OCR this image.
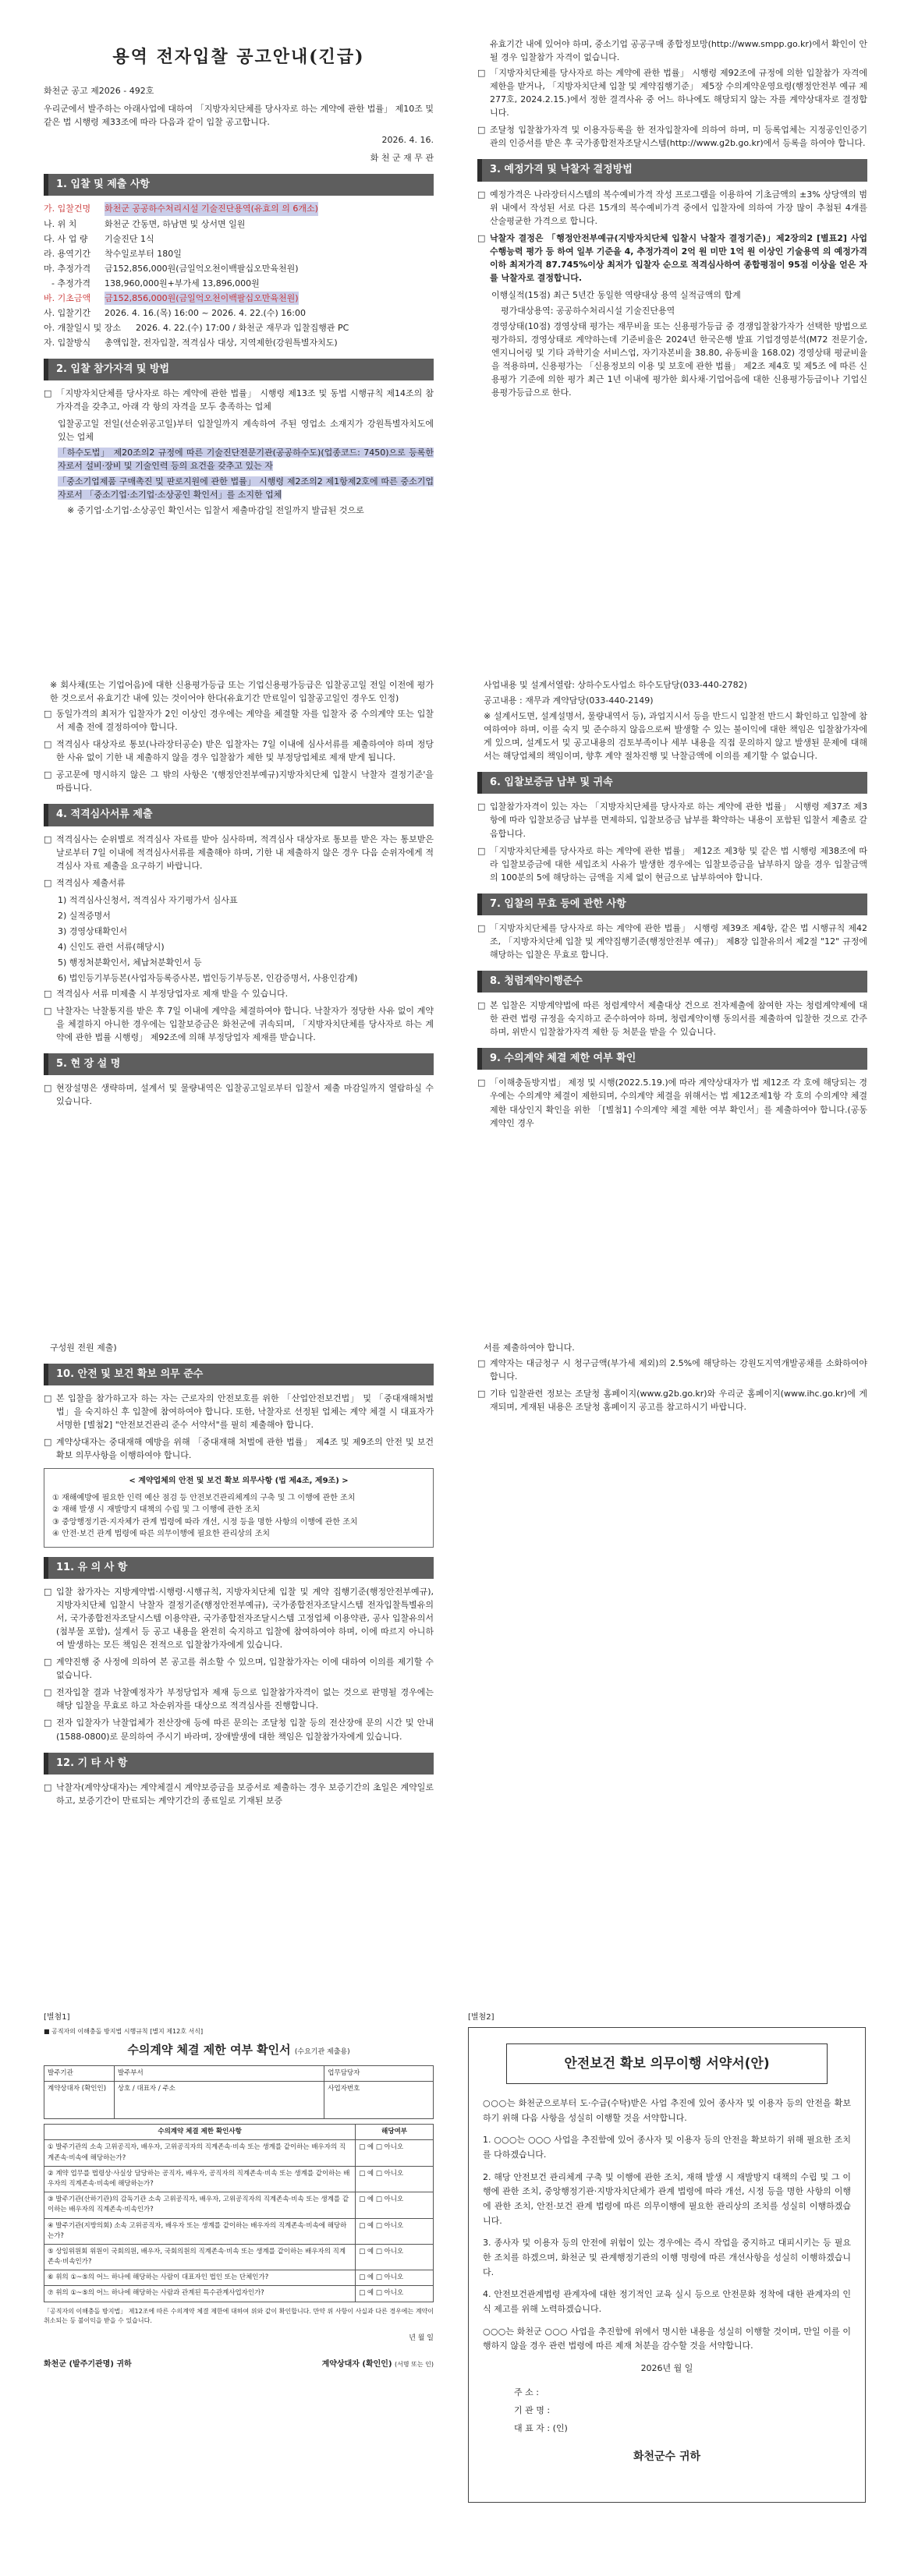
용역 전자입찰 공고안내(긴급)
화천군 공고 제2026 - 492호
우리군에서 발주하는 아래사업에 대하여 「지방자치단체를 당사자로 하는 계약에 관한 법률」 제10조 및 같은 법 시행령 제33조에 따라 다음과 같이 입찰 공고합니다.
2026. 4. 16.
화 천 군 재 무 관
1. 입찰 및 제출 사항
가. 입찰건명	화천군 공공하수처리시설 기술진단용역(유효의 의 6개소)
나. 위 치	화천군 간동면, 하남면 및 상서면 일원
다. 사 업 량	기술진단 1식
라. 용역기간	착수일로부터 180일
마. 추정가격	금152,856,000원(금일억오천이백팔십오만육천원)
- 추정가격	138,960,000원+부가세 13,896,000원
바. 기초금액	금152,856,000원(금일억오천이백팔십오만육천원)
사. 입찰기간	2026. 4. 16.(목) 16:00 ~ 2026. 4. 22.(수) 16:00
아. 개찰일시 및 장소	2026. 4. 22.(수) 17:00 / 화천군 재무과 입찰집행관 PC
자. 입찰방식	총액입찰, 전자입찰, 적격심사 대상, 지역제한(강원특별자치도)
2. 입찰 참가자격 및 방법
□ 「지방자치단체를 당사자로 하는 계약에 관한 법률」 시행령 제13조 및 동법 시행규칙 제14조의 참가자격을 갖추고, 아래 각 항의 자격을 모두 충족하는 업체
입찰공고일 전일(선순위공고일)부터 입찰일까지 계속하여 주된 영업소 소재지가 강원특별자치도에 있는 업체
「하수도법」 제20조의2 규정에 따른 기술진단전문기관(공공하수도)(업종코드: 7450)으로 등록한 자로서 설비·장비 및 기술인력 등의 요건을 갖추고 있는 자
「중소기업제품 구매촉진 및 판로지원에 관한 법률」 시행령 제2조의2 제1항제2호에 따른 중소기업자로서 「중소기업·소기업·소상공인 확인서」를 소지한 업체
※ 중기업·소기업·소상공인 확인서는 입찰서 제출마감일 전일까지 발급된 것으로
유효기간 내에 있어야 하며, 중소기업 공공구매 종합정보망(http://www.smpp.go.kr)에서 확인이 안 될 경우 입찰참가 자격이 없습니다.
□ 「지방자치단체를 당사자로 하는 계약에 관한 법률」 시행령 제92조에 규정에 의한 입찰참가 자격에 제한을 받거나, 「지방자치단체 입찰 및 계약집행기준」 제5장 수의계약운영요령(행정안전부 예규 제277호, 2024.2.15.)에서 정한 결격사유 중 어느 하나에도 해당되지 않는 자를 계약상대자로 결정합니다.
□ 조달청 입찰참가자격 및 이용자등록을 한 전자입찰자에 의하여 하며, 미 등록업체는 지정공인인증기관의 인증서를 받은 후 국가종합전자조달시스템(http://www.g2b.go.kr)에서 등록을 하여야 합니다.
3. 예정가격 및 낙찰자 결정방법
□ 예정가격은 나라장터시스템의 복수예비가격 작성 프로그램을 이용하여 기초금액의 ±3% 상당액의 범위 내에서 작성된 서로 다른 15개의 복수예비가격 중에서 입찰자에 의하여 가장 많이 추첨된 4개를 산술평균한 가격으로 합니다.
□ 낙찰자 결정은 「행정안전부예규(지방자치단체 입찰시 낙찰자 결정기준)」제2장의2 [별표2] 사업수행능력 평가 등 하여 일부 기준을 4, 추정가격이 2억 원 미만 1억 원 이상인 기술용역 의 예정가격이하 최저가격 87.745%이상 최저가 입찰자 순으로 적격심사하여 종합평점이 95점 이상을 얻은 자를 낙찰자로 결정합니다.
이행실적(15점) 최근 5년간 동일한 역량대상 용역 실적금액의 합계
평가대상용역: 공공하수처리시설 기술진단용역
경영상태(10점) 경영상태 평가는 재무비율 또는 신용평가등급 중 경쟁입찰참가자가 선택한 방법으로 평가하되, 경영상태로 계약하는데 기준비율은 2024년 한국은행 발표 기업경영분석(M72 전문기술, 엔지니어링 및 기타 과학기술 서비스업, 자기자본비율 38.80, 유동비율 168.02) 경영상태 평균비율을 적용하며, 신용평가는 「신용정보의 이용 및 보호에 관한 법률」 제2조 제4호 및 제5조 에 따른 신용평가 기준에 의한 평가 최근 1년 이내에 평가한 회사채·기업어음에 대한 신용평가등급이나 기업신용평가등급으로 한다.
※ 회사채(또는 기업어음)에 대한 신용평가등급 또는 기업신용평가등급은 입찰공고일 전일 이전에 평가한 것으로서 유효기간 내에 있는 것이어야 한다(유효기간 만료일이 입찰공고일인 경우도 인정)
□ 동일가격의 최저가 입찰자가 2인 이상인 경우에는 계약을 체결할 자를 입찰자 중 수의계약 또는 입찰서 제출 전에 결정하여야 합니다.
□ 적격심사 대상자로 통보(나라장터공순) 받은 입찰자는 7일 이내에 심사서류를 제출하여야 하며 정당한 사유 없이 기한 내 제출하지 않을 경우 입찰참가 제한 및 부정당업체로 제재 받게 됩니다.
□ 공고문에 명시하지 않은 그 밖의 사항은 '(행정안전부예규)지방자치단체 입찰시 낙찰자 결정기준'을 따릅니다.
4. 적격심사서류 제출
□ 적격심사는 순위별로 적격심사 자료를 받아 심사하며, 적격심사 대상자로 통보를 받은 자는 통보받은 날로부터 7일 이내에 적격심사서류를 제출해야 하며, 기한 내 제출하지 않은 경우 다음 순위자에게 적격심사 자료 제출을 요구하기 바랍니다.
□ 적격심사 제출서류
1) 적격심사신청서, 적격심사 자기평가서 심사표
2) 실적증명서
3) 경영상태확인서
4) 신인도 관련 서류(해당시)
5) 행정처분확인서, 체납처분확인서 등
6) 법인등기부등본(사업자등록증사본, 법인등기부등본, 인감증명서, 사용인감계)
□ 적격심사 서류 미제출 시 부정당업자로 제재 받을 수 있습니다.
□ 낙찰자는 낙찰통지를 받은 후 7일 이내에 계약을 체결하여야 합니다. 낙찰자가 정당한 사유 없이 계약을 체결하지 아니한 경우에는 입찰보증금은 화천군에 귀속되며, 「지방자치단체를 당사자로 하는 계약에 관한 법률 시행령」 제92조에 의해 부정당업자 제재를 받습니다.
5. 현 장 설 명
□ 현장설명은 생략하며, 설계서 및 물량내역은 입찰공고일로부터 입찰서 제출 마감일까지 열람하실 수 있습니다.
사업내용 및 설계서열람: 상하수도사업소 하수도담당(033-440-2782)
공고내용 : 재무과 계약담당(033-440-2149)
※ 설계서도면, 설계설명서, 물량내역서 등), 과업지시서 등을 반드시 입찰전 반드시 확인하고 입찰에 참여하여야 하며, 이를 숙지 및 준수하지 않음으로써 발생할 수 있는 불이익에 대한 책임은 입찰참가자에게 있으며, 설계도서 및 공고내용의 검토부족이나 세부 내용을 직접 문의하지 않고 발생된 문제에 대해서는 해당업체의 책임이며, 향후 계약 절차진행 및 낙찰금액에 이의를 제기할 수 없습니다.
6. 입찰보증금 납부 및 귀속
□ 입찰참가자격이 있는 자는 「지방자치단체를 당사자로 하는 계약에 관한 법률」 시행령 제37조 제3항에 따라 입찰보증금 납부를 면제하되, 입찰보증금 납부를 확약하는 내용이 포함된 입찰서 제출로 갈음합니다.
□ 「지방자치단체를 당사자로 하는 계약에 관한 법률」 제12조 제3항 및 같은 법 시행령 제38조에 따라 입찰보증금에 대한 세입조치 사유가 발생한 경우에는 입찰보증금을 납부하지 않을 경우 입찰금액의 100분의 5에 해당하는 금액을 지체 없이 현금으로 납부하여야 합니다.
7. 입찰의 무효 등에 관한 사항
□ 「지방자치단체를 당사자로 하는 계약에 관한 법률」 시행령 제39조 제4항, 같은 법 시행규칙 제42조, 「지방자치단체 입찰 및 계약집행기준(행정안전부 예규)」 제8장 입찰유의서 제2절 "12" 규정에 해당하는 입찰은 무효로 합니다.
8. 청렴계약이행준수
□ 본 입찰은 지방계약법에 따른 청렴계약서 제출대상 건으로 전자제출에 참여한 자는 청렴계약제에 대한 관련 법령 규정을 숙지하고 준수하여야 하며, 청렴계약이행 동의서를 제출하여 입찰한 것으로 간주하며, 위반시 입찰참가자격 제한 등 처분을 받을 수 있습니다.
9. 수의계약 체결 제한 여부 확인
□ 「이해충돌방지법」 제정 및 시행(2022.5.19.)에 따라 계약상대자가 법 제12조 각 호에 해당되는 경우에는 수의계약 체결이 제한되며, 수의계약 체결을 위해서는 법 제12조제1항 각 호의 수의계약 체결 제한 대상인지 확인을 위한 「[별첨1] 수의계약 체결 제한 여부 확인서」를 제출하여야 합니다.(공동계약인 경우
구성원 전원 제출)
10. 안전 및 보건 확보 의무 준수
□ 본 입찰을 참가하고자 하는 자는 근로자의 안전보호를 위한 「산업안전보건법」 및 「중대재해처벌법」을 숙지하신 후 입찰에 참여하여야 합니다. 또한, 낙찰자로 선정된 업체는 계약 체결 시 대표자가 서명한 [별첨2] "안전보건관리 준수 서약서"를 필히 제출해야 합니다.
□ 계약상대자는 중대재해 예방을 위해 「중대재해 처벌에 관한 법률」 제4조 및 제9조의 안전 및 보건 확보 의무사항을 이행하여야 합니다.
< 계약업체의 안전 및 보건 확보 의무사항 (법 제4조, 제9조) >
① 재해예방에 필요한 인력 예산 점검 등 안전보건관리체계의 구축 및 그 이행에 관한 조치
② 재해 발생 시 재발방지 대책의 수립 및 그 이행에 관한 조치
③ 중앙행정기관·지자체가 관계 법령에 따라 개선, 시정 등을 명한 사항의 이행에 관한 조치
④ 안전·보건 관계 법령에 따른 의무이행에 필요한 관리상의 조치
11. 유 의 사 항
□ 입찰 참가자는 지방계약법·시행령·시행규칙, 지방자치단체 입찰 및 계약 집행기준(행정안전부예규), 지방자치단체 입찰시 낙찰자 결정기준(행정안전부예규), 국가종합전자조달시스템 전자입찰특별유의서, 국가종합전자조달시스템 이용약관, 국가종합전자조달시스템 고정업체 이용약관, 공사 입찰유의서(첨부물 포함), 설계서 등 공고 내용을 완전히 숙지하고 입찰에 참여하여야 하며, 이에 따르지 아니하여 발생하는 모든 책임은 전적으로 입찰참가자에게 있습니다.
□ 계약진행 중 사정에 의하여 본 공고를 취소할 수 있으며, 입찰참가자는 이에 대하여 이의를 제기할 수 없습니다.
□ 전자입찰 결과 낙찰예정자가 부정당업자 제재 등으로 입찰참가자격이 없는 것으로 판명될 경우에는 해당 입찰을 무효로 하고 차순위자를 대상으로 적격심사를 진행합니다.
□ 전자 입찰자가 낙찰업체가 전산장애 등에 따른 문의는 조달청 입찰 등의 전산장애 문의 시간 및 안내(1588-0800)로 문의하여 주시기 바라며, 장애발생에 대한 책임은 입찰참가자에게 있습니다.
12. 기 타 사 항
□ 낙찰자(계약상대자)는 계약체결시 계약보증금을 보증서로 제출하는 경우 보증기간의 초일은 계약일로 하고, 보증기간이 만료되는 계약기간의 종료일로 기재된 보증
서를 제출하여야 합니다.
□ 계약자는 대금청구 시 청구금액(부가세 제외)의 2.5%에 해당하는 강원도지역개발공채를 소화하여야 합니다.
□ 기타 입찰관련 정보는 조달청 홈페이지(www.g2b.go.kr)와 우리군 홈페이지(www.ihc.go.kr)에 게재되며, 게재된 내용은 조달청 홈페이지 공고를 참고하시기 바랍니다.
[별첨1]
■ 공직자의 이해충돌 방지법 시행규칙 [별지 제12호 서식]
수의계약 체결 제한 여부 확인서 (수요기관 제출용)
발주기관	발주부서	업무담당자
계약상대자 (확인인)	상호 / 대표자 / 주소	사업자번호
수의계약 체결 제한 확인사항	해당여부
① 발주기관의 소속 고위공직자, 배우자, 고위공직자의 직계존속·비속 또는 생계를 같이하는 배우자의 직계존속·비속에 해당하는가?	□ 예 □ 아니오
② 계약 업무를 법령상·사실상 담당하는 공직자, 배우자, 공직자의 직계존속·비속 또는 생계를 같이하는 배우자의 직계존속·비속에 해당하는가?	□ 예 □ 아니오
③ 발주기관(산하기관)의 감독기관 소속 고위공직자, 배우자, 고위공직자의 직계존속·비속 또는 생계를 같이하는 배우자의 직계존속·비속인가?	□ 예 □ 아니오
④ 발주기관(지방의회) 소속 고위공직자, 배우자 또는 생계를 같이하는 배우자의 직계존속·비속에 해당하는가?	□ 예 □ 아니오
⑤ 상임위원회 위원이 국회의원, 배우자, 국회의원의 직계존속·비속 또는 생계를 같이하는 배우자의 직계존속·비속인가?	□ 예 □ 아니오
⑥ 위의 ①~⑤의 어느 하나에 해당하는 사람이 대표자인 법인 또는 단체인가?	□ 예 □ 아니오
⑦ 위의 ①~⑤의 어느 하나에 해당하는 사람과 관계된 특수관계사업자인가?	□ 예 □ 아니오
「공직자의 이해충돌 방지법」 제12조에 따른 수의계약 체결 제한에 대하여 위와 같이 확인합니다. 만약 위 사항이 사실과 다른 경우에는 계약이 취소되는 등 불이익을 받을 수 있습니다.
년 월 일
화천군 (발주기관명) 귀하	계약상대자 (확인인) (서명 또는 인)
[별첨2]
안전보건 확보 의무이행 서약서(안)

○○○는 화천군으로부터 도·수급(수탁)받은 사업 추진에 있어 종사자 및 이용자 등의 안전을 확보하기 위해 다음 사항을 성실히 이행할 것을 서약합니다.

1. ○○○는 ○○○ 사업을 추진함에 있어 종사자 및 이용자 등의 안전을 확보하기 위해 필요한 조치를 다하겠습니다.

2. 해당 안전보건 관리체계 구축 및 이행에 관한 조치, 재해 발생 시 재발방지 대책의 수립 및 그 이행에 관한 조치, 중앙행정기관·지방자치단체가 관계 법령에 따라 개선, 시정 등을 명한 사항의 이행에 관한 조치, 안전·보건 관계 법령에 따른 의무이행에 필요한 관리상의 조치를 성실히 이행하겠습니다.

3. 종사자 및 이용자 등의 안전에 위험이 있는 경우에는 즉시 작업을 중지하고 대피시키는 등 필요한 조치를 하겠으며, 화천군 및 관계행정기관의 이행 명령에 따른 개선사항을 성실히 이행하겠습니다.

4. 안전보건관계법령 관계자에 대한 정기적인 교육 실시 등으로 안전문화 정착에 대한 관계자의 인식 제고를 위해 노력하겠습니다.

○○○는 화천군 ○○○ 사업을 추진함에 위에서 명시한 내용을 성실히 이행할 것이며, 만일 이를 이행하지 않을 경우 관련 법령에 따른 제재 처분을 감수할 것을 서약합니다.

2026년 월 일
주 소 :
기 관 명 :
대 표 자 : (인)
화천군수 귀하
